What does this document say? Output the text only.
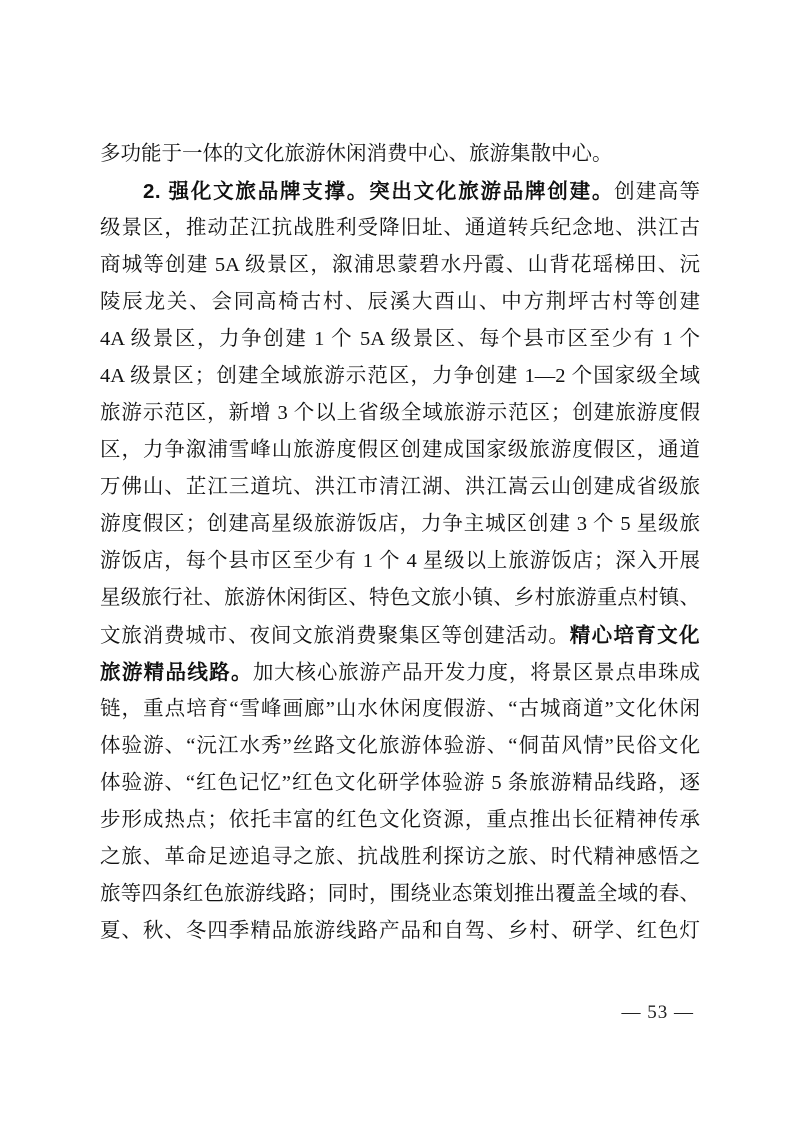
多功能于一体的文化旅游休闲消费中心、旅游集散中心。
2. 强化文旅品牌支撑。突出文化旅游品牌创建。创建高等
级景区，推动芷江抗战胜利受降旧址、通道转兵纪念地、洪江古
商城等创建 5A 级景区，溆浦思蒙碧水丹霞、山背花瑶梯田、沅
陵辰龙关、会同高椅古村、辰溪大酉山、中方荆坪古村等创建
4A 级景区，力争创建 1 个 5A 级景区、每个县市区至少有 1 个
4A 级景区；创建全域旅游示范区，力争创建 1—2 个国家级全域
旅游示范区，新增 3 个以上省级全域旅游示范区；创建旅游度假
区，力争溆浦雪峰山旅游度假区创建成国家级旅游度假区，通道
万佛山、芷江三道坑、洪江市清江湖、洪江嵩云山创建成省级旅
游度假区；创建高星级旅游饭店，力争主城区创建 3 个 5 星级旅
游饭店，每个县市区至少有 1 个 4 星级以上旅游饭店；深入开展
星级旅行社、旅游休闲街区、特色文旅小镇、乡村旅游重点村镇、
文旅消费城市、夜间文旅消费聚集区等创建活动。精心培育文化
旅游精品线路。加大核心旅游产品开发力度，将景区景点串珠成
链，重点培育“雪峰画廊”山水休闲度假游、“古城商道”文化休闲
体验游、“沅江水秀”丝路文化旅游体验游、“侗苗风情”民俗文化
体验游、“红色记忆”红色文化研学体验游 5 条旅游精品线路，逐
步形成热点；依托丰富的红色文化资源，重点推出长征精神传承
之旅、革命足迹追寻之旅、抗战胜利探访之旅、时代精神感悟之
旅等四条红色旅游线路；同时，围绕业态策划推出覆盖全域的春、
夏、秋、冬四季精品旅游线路产品和自驾、乡村、研学、红色灯
— 53 —
